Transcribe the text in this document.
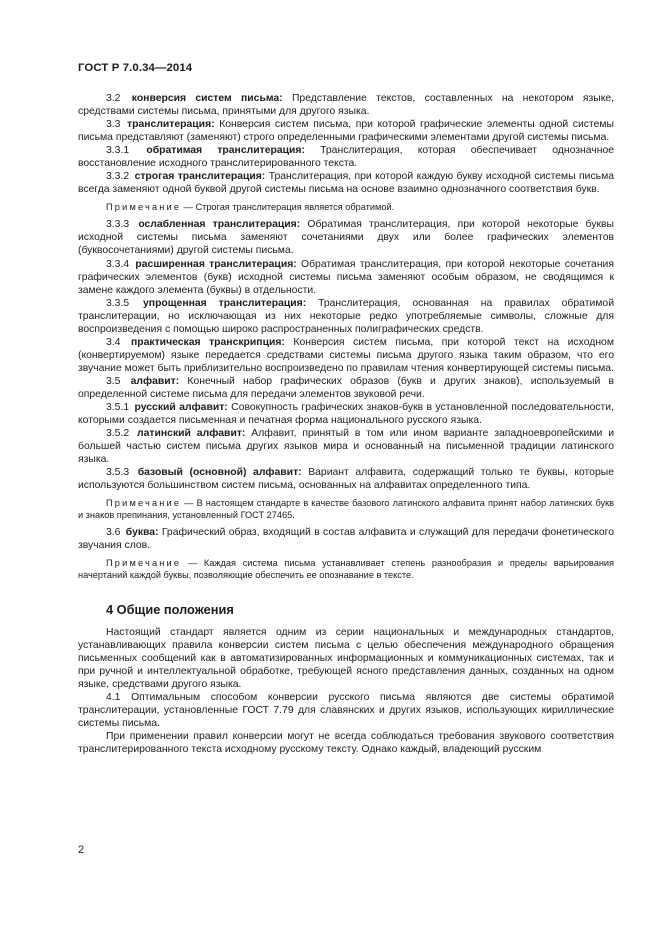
ГОСТ Р 7.0.34—2014

3.2 конверсия систем письма: Представление текстов, составленных на некотором языке, средствами системы письма, принятыми для другого языка.

3.3 транслитерация: Конверсия систем письма, при которой графические элементы одной системы письма представляют (заменяют) строго определенными графическими элементами другой системы письма.

3.3.1 обратимая транслитерация: Транслитерация, которая обеспечивает однозначное восстановление исходного транслитерированного текста.

3.3.2 строгая транслитерация: Транслитерация, при которой каждую букву исходной системы письма всегда заменяют одной буквой другой системы письма на основе взаимно однозначного соответствия букв.

Примечание — Строгая транслитерация является обратимой.

3.3.3 ослабленная транслитерация: Обратимая транслитерация, при которой некоторые буквы исходной системы письма заменяют сочетаниями двух или более графических элементов (буквосочетаниями) другой системы письма.

3.3.4 расширенная транслитерация: Обратимая транслитерация, при которой некоторые сочетания графических элементов (букв) исходной системы письма заменяют особым образом, не сводящимся к замене каждого элемента (буквы) в отдельности.

3.3.5 упрощенная транслитерация: Транслитерация, основанная на правилах обратимой транслитерации, но исключающая из них некоторые редко употребляемые символы, сложные для воспроизведения с помощью широко распространенных полиграфических средств.

3.4 практическая транскрипция: Конверсия систем письма, при которой текст на исходном (конвертируемом) языке передается средствами системы письма другого языка таким образом, что его звучание может быть приблизительно воспроизведено по правилам чтения конвертирующей системы письма.

3.5 алфавит: Конечный набор графических образов (букв и других знаков), используемый в определенной системе письма для передачи элементов звуковой речи.

3.5.1 русский алфавит: Совокупность графических знаков-букв в установленной последовательности, которыми создается письменная и печатная форма национального русского языка.

3.5.2 латинский алфавит: Алфавит, принятый в том или ином варианте западноевропейскими и большей частью систем письма других языков мира и основанный на письменной традиции латинского языка.

3.5.3 базовый (основной) алфавит: Вариант алфавита, содержащий только те буквы, которые используются большинством систем письма, основанных на алфавитах определенного типа.

Примечание — В настоящем стандарте в качестве базового латинского алфавита принят набор латинских букв и знаков препинания, установленный ГОСТ 27465.

3.6 буква: Графический образ, входящий в состав алфавита и служащий для передачи фонетического звучания слов.

Примечание — Каждая система письма устанавливает степень разнообразия и пределы варьирования начертаний каждой буквы, позволяющие обеспечить ее опознавание в тексте.

4 Общие положения

Настоящий стандарт является одним из серии национальных и международных стандартов, устанавливающих правила конверсии систем письма с целью обеспечения международного обращения письменных сообщений как в автоматизированных информационных и коммуникационных системах, так и при ручной и интеллектуальной обработке, требующей ясного представления данных, созданных на одном языке, средствами другого языка.

4.1 Оптимальным способом конверсии русского письма являются две системы обратимой транслитерации, установленные ГОСТ 7.79 для славянских и других языков, использующих кириллические системы письма.

При применении правил конверсии могут не всегда соблюдаться требования звукового соответствия транслитерированного текста исходному русскому тексту. Однако каждый, владеющий русским

2
